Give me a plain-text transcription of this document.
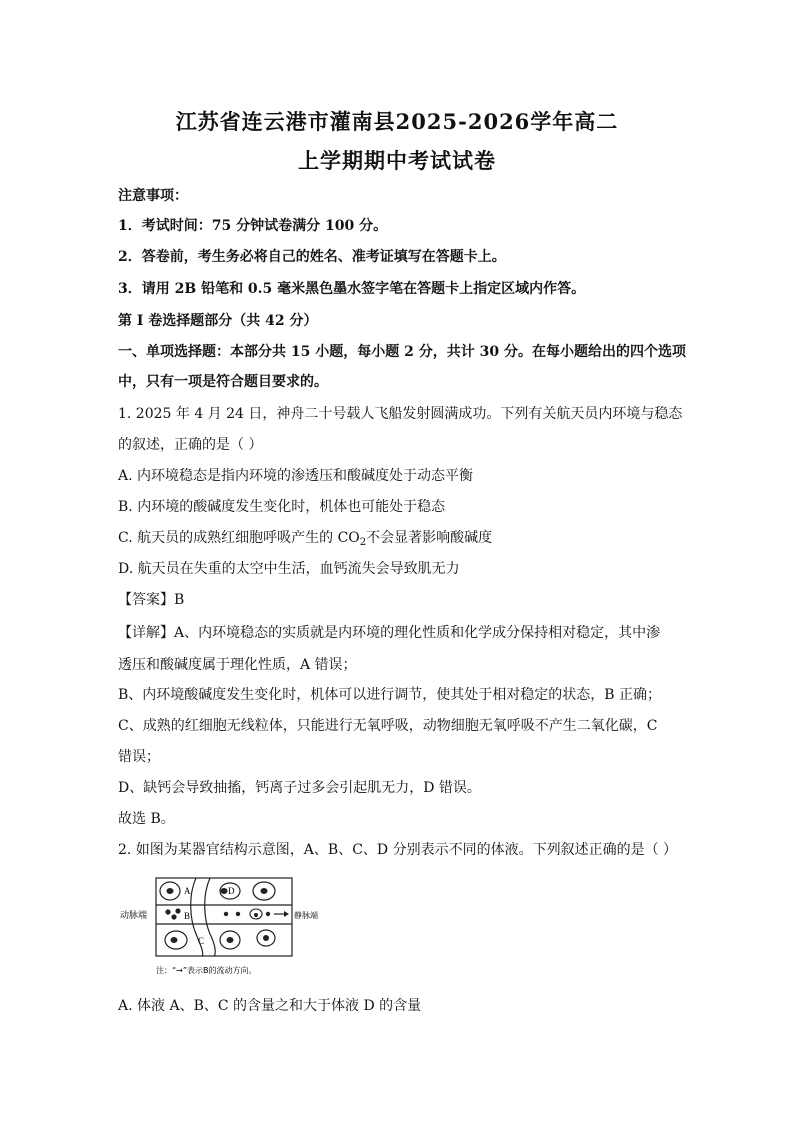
江苏省连云港市灌南县2025-2026学年高二
上学期期中考试试卷
注意事项：
1．考试时间：75 分钟试卷满分 100 分。
2．答卷前，考生务必将自己的姓名、准考证填写在答题卡上。
3．请用 2B 铅笔和 0.5 毫米黑色墨水签字笔在答题卡上指定区域内作答。
第 I 卷选择题部分（共 42 分）
一、单项选择题：本部分共 15 小题，每小题 2 分，共计 30 分。在每小题给出的四个选项
中，只有一项是符合题目要求的。
1. 2025 年 4 月 24 日，神舟二十号载人飞船发射圆满成功。下列有关航天员内环境与稳态
的叙述，正确的是（ ）
A. 内环境稳态是指内环境的渗透压和酸碱度处于动态平衡
B. 内环境的酸碱度发生变化时，机体也可能处于稳态
C. 航天员的成熟红细胞呼吸产生的 $CO_2$不会显著影响酸碱度
D. 航天员在失重的太空中生活，血钙流失会导致肌无力
【答案】B
【详解】A、内环境稳态的实质就是内环境的理化性质和化学成分保持相对稳定，其中渗
透压和酸碱度属于理化性质，A 错误；
B、内环境酸碱度发生变化时，机体可以进行调节，使其处于相对稳定的状态，B 正确；
C、成熟的红细胞无线粒体，只能进行无氧呼吸，动物细胞无氧呼吸不产生二氧化碳，C
错误；
D、缺钙会导致抽搐，钙离子过多会引起肌无力，D 错误。
故选 B。
2. 如图为某器官结构示意图，A、B、C、D 分别表示不同的体液。下列叙述正确的是（ ）
A
B
C
D
动脉端	静脉端
注：“→”表示B的流动方向。
A. 体液 A、B、C 的含量之和大于体液 D 的含量
